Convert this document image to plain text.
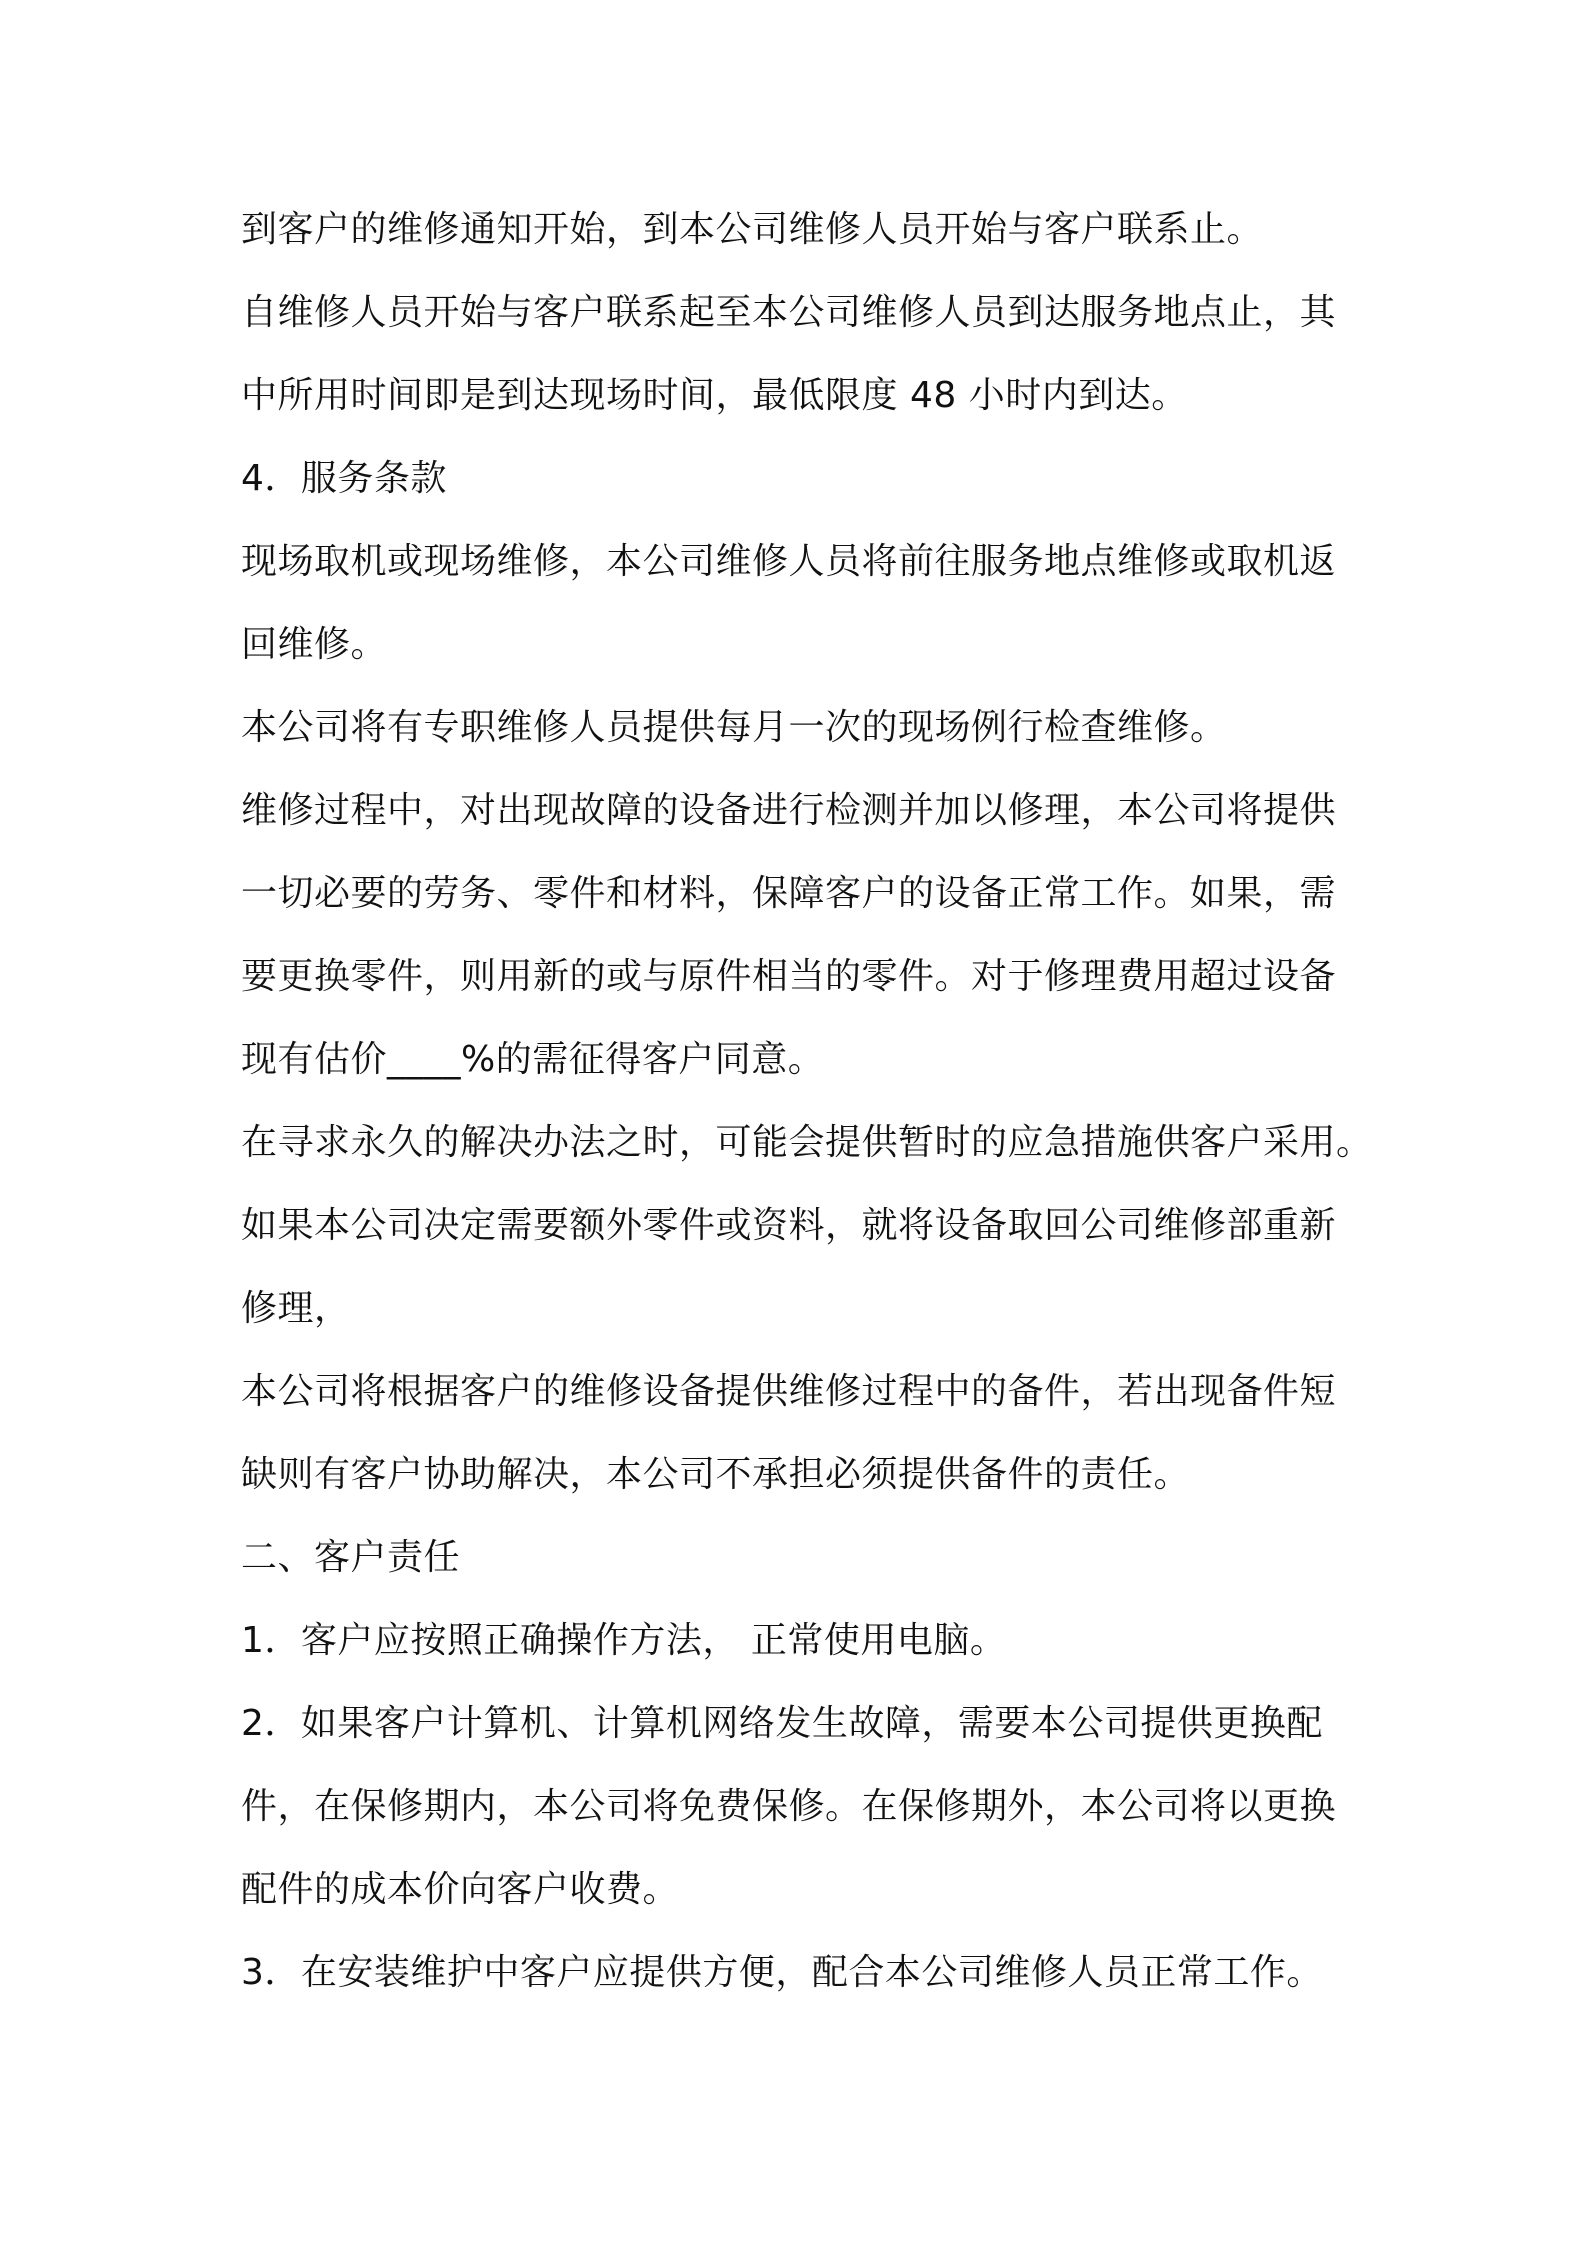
到客户的维修通知开始，到本公司维修人员开始与客户联系止。
自维修人员开始与客户联系起至本公司维修人员到达服务地点止，其
中所用时间即是到达现场时间，最低限度 48 小时内到达。
4．服务条款
现场取机或现场维修，本公司维修人员将前往服务地点维修或取机返
回维修。
本公司将有专职维修人员提供每月一次的现场例行检查维修。
维修过程中，对出现故障的设备进行检测并加以修理，本公司将提供
一切必要的劳务、零件和材料，保障客户的设备正常工作。如果，需
要更换零件，则用新的或与原件相当的零件。对于修理费用超过设备
现有估价____%的需征得客户同意。
在寻求永久的解决办法之时，可能会提供暂时的应急措施供客户采用。
如果本公司决定需要额外零件或资料，就将设备取回公司维修部重新
修理，
本公司将根据客户的维修设备提供维修过程中的备件，若出现备件短
缺则有客户协助解决，本公司不承担必须提供备件的责任。
二、客户责任
1．客户应按照正确操作方法， 正常使用电脑。
2．如果客户计算机、计算机网络发生故障，需要本公司提供更换配
件，在保修期内，本公司将免费保修。在保修期外，本公司将以更换
配件的成本价向客户收费。
3．在安装维护中客户应提供方便，配合本公司维修人员正常工作。
